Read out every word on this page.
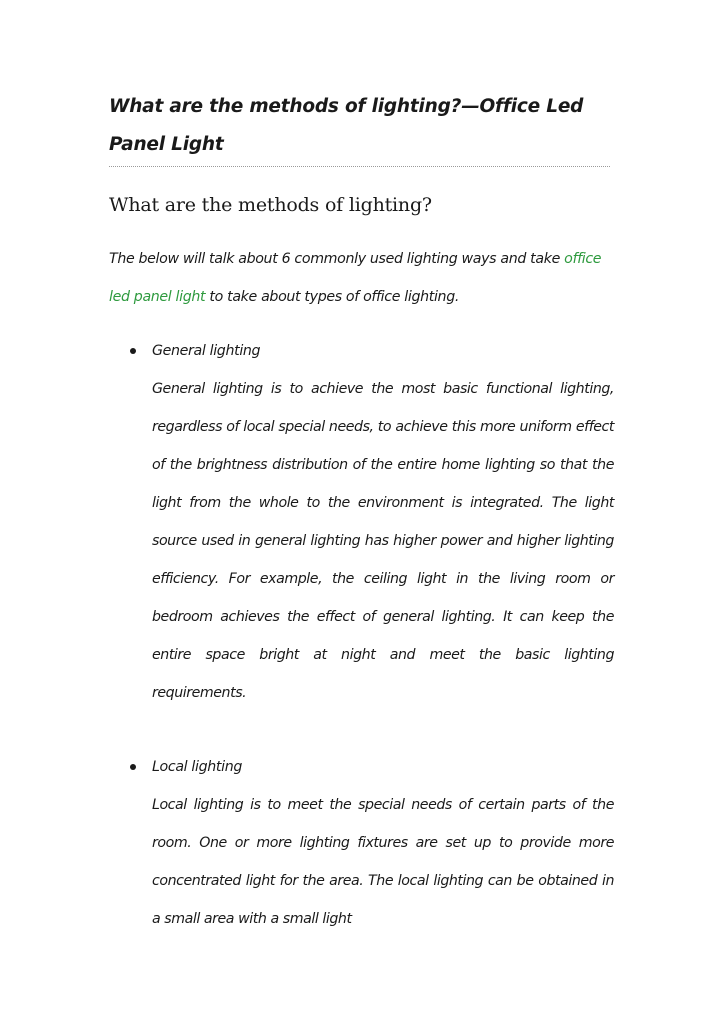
What are the methods of lighting?—Office Led Panel Light
What are the methods of lighting?

The below will talk about 6 commonly used lighting ways and take office led panel light to take about types of office lighting.

General lighting

General lighting is to achieve the most basic functional lighting, regardless of local special needs, to achieve this more uniform effect of the brightness distribution of the entire home lighting so that the light from the whole to the environment is integrated. The light source used in general lighting has higher power and higher lighting efficiency. For example, the ceiling light in the living room or bedroom achieves the effect of general lighting. It can keep the entire space bright at night and meet the basic lighting requirements.

Local lighting

Local lighting is to meet the special needs of certain parts of the room. One or more lighting fixtures are set up to provide more concentrated light for the area. The local lighting can be obtained in a small area with a small light
